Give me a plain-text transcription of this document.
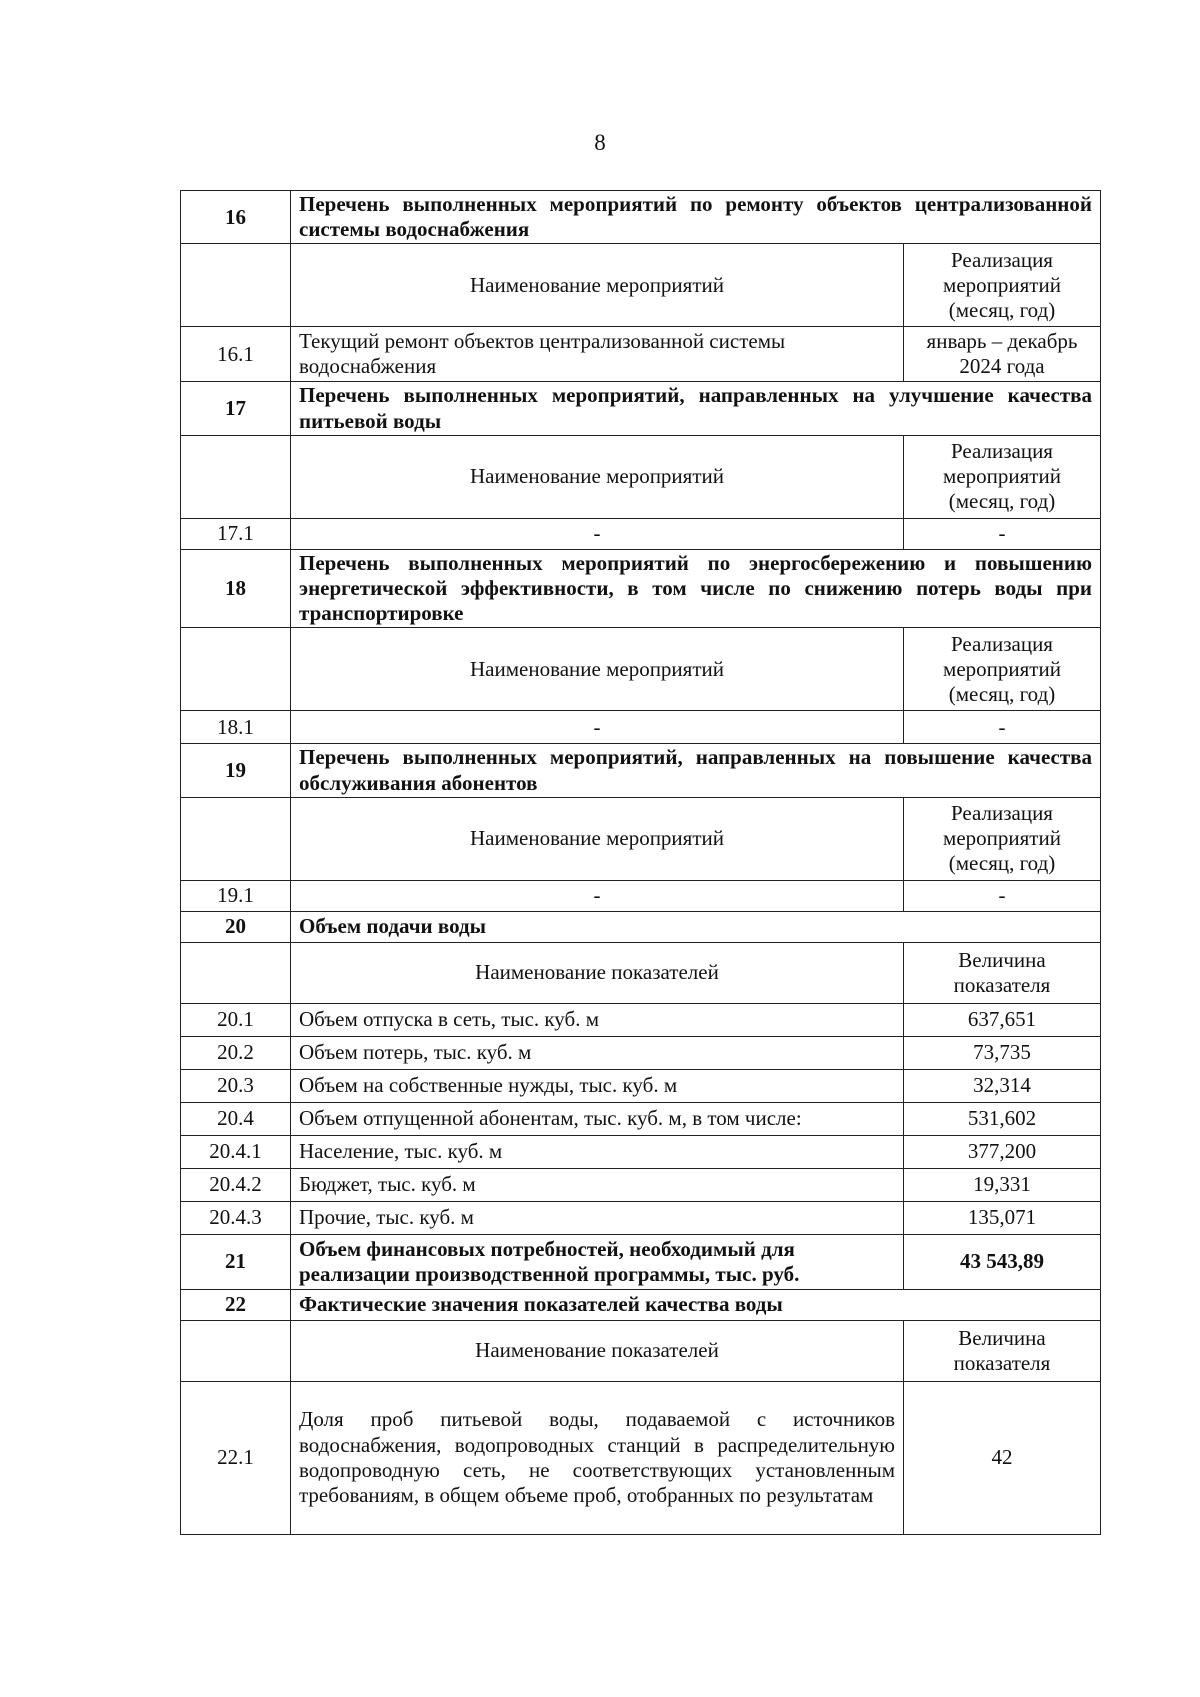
8
16	Перечень выполненных мероприятий по ремонту объектов централизованной системы водоснабжения	
	Наименование мероприятий	Реализация мероприятий (месяц, год)
16.1	Текущий ремонт объектов централизованной системы водоснабжения	январь – декабрь 2024 года
17	Перечень выполненных мероприятий, направленных на улучшение качества питьевой воды	
	Наименование мероприятий	Реализация мероприятий (месяц, год)
17.1	-	-
18	Перечень выполненных мероприятий по энергосбережению и повышению энергетической эффективности, в том числе по снижению потерь воды при транспортировке	
	Наименование мероприятий	Реализация мероприятий (месяц, год)
18.1	-	-
19	Перечень выполненных мероприятий, направленных на повышение качества обслуживания абонентов	
	Наименование мероприятий	Реализация мероприятий (месяц, год)
19.1	-	-
20	Объем подачи воды	
	Наименование показателей	Величина показателя
20.1	Объем отпуска в сеть, тыс. куб. м	637,651
20.2	Объем потерь, тыс. куб. м	73,735
20.3	Объем на собственные нужды, тыс. куб. м	32,314
20.4	Объем отпущенной абонентам, тыс. куб. м, в том числе:	531,602
20.4.1	Население, тыс. куб. м	377,200
20.4.2	Бюджет, тыс. куб. м	19,331
20.4.3	Прочие, тыс. куб. м	135,071
21	Объем финансовых потребностей, необходимый для реализации производственной программы, тыс. руб.	43 543,89
22	Фактические значения показателей качества воды	
	Наименование показателей	Величина показателя
22.1	Доля проб питьевой воды, подаваемой с источников водоснабжения, водопроводных станций в распределительную водопроводную сеть, не соответствующих установленным требованиям, в общем объеме проб, отобранных по результатам	42
